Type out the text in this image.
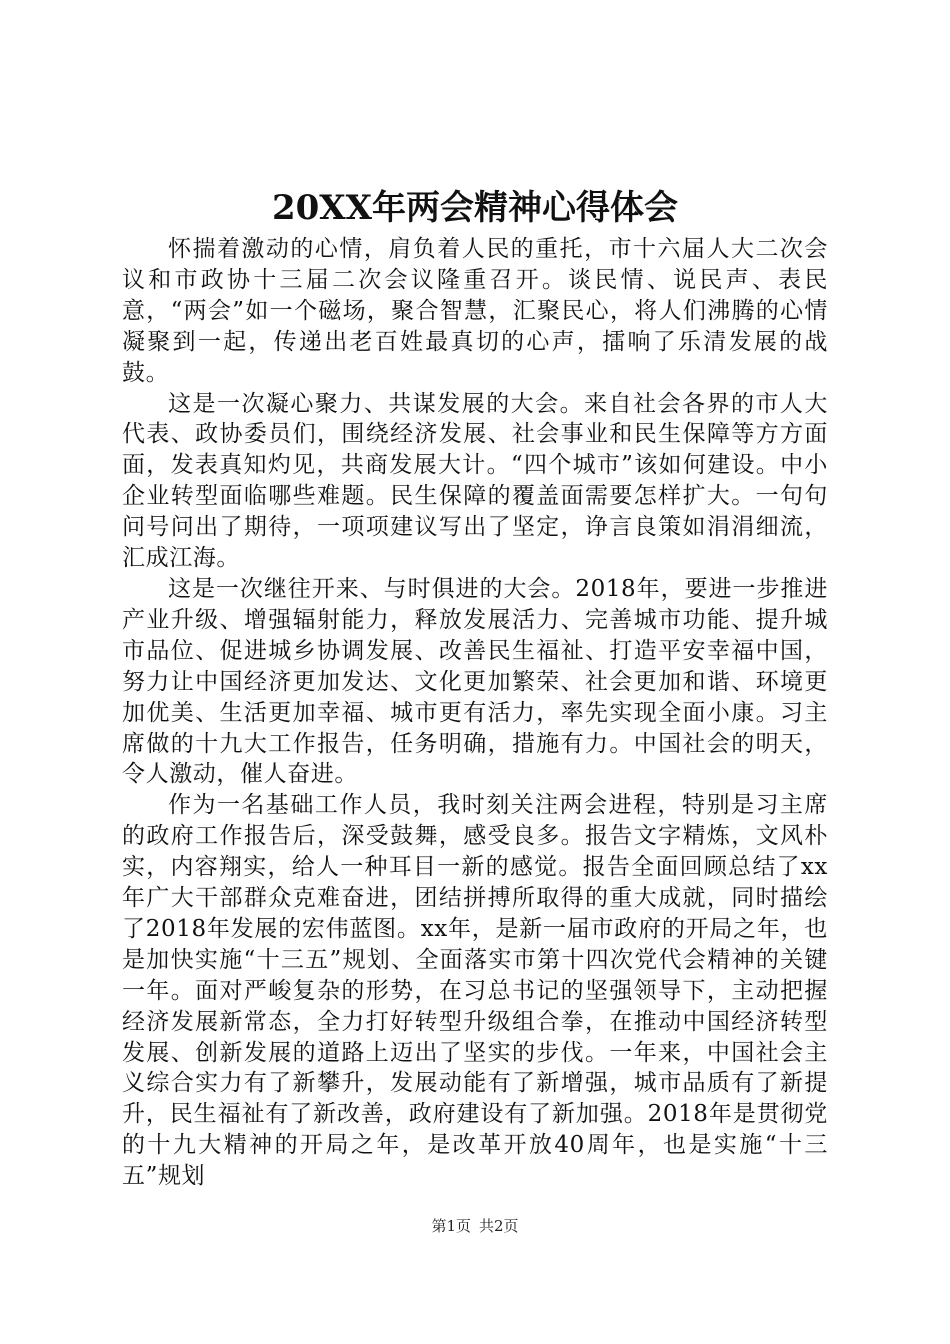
20XX年两会精神心得体会

怀揣着激动的心情，肩负着人民的重托，市十六届人大二次会议和市政协十三届二次会议隆重召开。谈民情、说民声、表民意，“两会”如一个磁场，聚合智慧，汇聚民心，将人们沸腾的心情凝聚到一起，传递出老百姓最真切的心声，擂响了乐清发展的战鼓。

这是一次凝心聚力、共谋发展的大会。来自社会各界的市人大代表、政协委员们，围绕经济发展、社会事业和民生保障等方方面面，发表真知灼见，共商发展大计。“四个城市”该如何建设。中小企业转型面临哪些难题。民生保障的覆盖面需要怎样扩大。一句句问号问出了期待，一项项建议写出了坚定，诤言良策如涓涓细流，汇成江海。

这是一次继往开来、与时俱进的大会。2018年，要进一步推进产业升级、增强辐射能力，释放发展活力、完善城市功能、提升城市品位、促进城乡协调发展、改善民生福祉、打造平安幸福中国，努力让中国经济更加发达、文化更加繁荣、社会更加和谐、环境更加优美、生活更加幸福、城市更有活力，率先实现全面小康。习主席做的十九大工作报告，任务明确，措施有力。中国社会的明天，令人激动，催人奋进。

作为一名基础工作人员，我时刻关注两会进程，特别是习主席的政府工作报告后，深受鼓舞，感受良多。报告文字精炼，文风朴实，内容翔实，给人一种耳目一新的感觉。报告全面回顾总结了xx年广大干部群众克难奋进，团结拼搏所取得的重大成就，同时描绘了2018年发展的宏伟蓝图。xx年，是新一届市政府的开局之年，也是加快实施“十三五”规划、全面落实市第十四次党代会精神的关键一年。面对严峻复杂的形势，在习总书记的坚强领导下，主动把握经济发展新常态，全力打好转型升级组合拳，在推动中国经济转型发展、创新发展的道路上迈出了坚实的步伐。一年来，中国社会主义综合实力有了新攀升，发展动能有了新增强，城市品质有了新提升，民生福祉有了新改善，政府建设有了新加强。2018年是贯彻党的十九大精神的开局之年，是改革开放40周年，也是实施“十三五”规划

第1页 共2页
